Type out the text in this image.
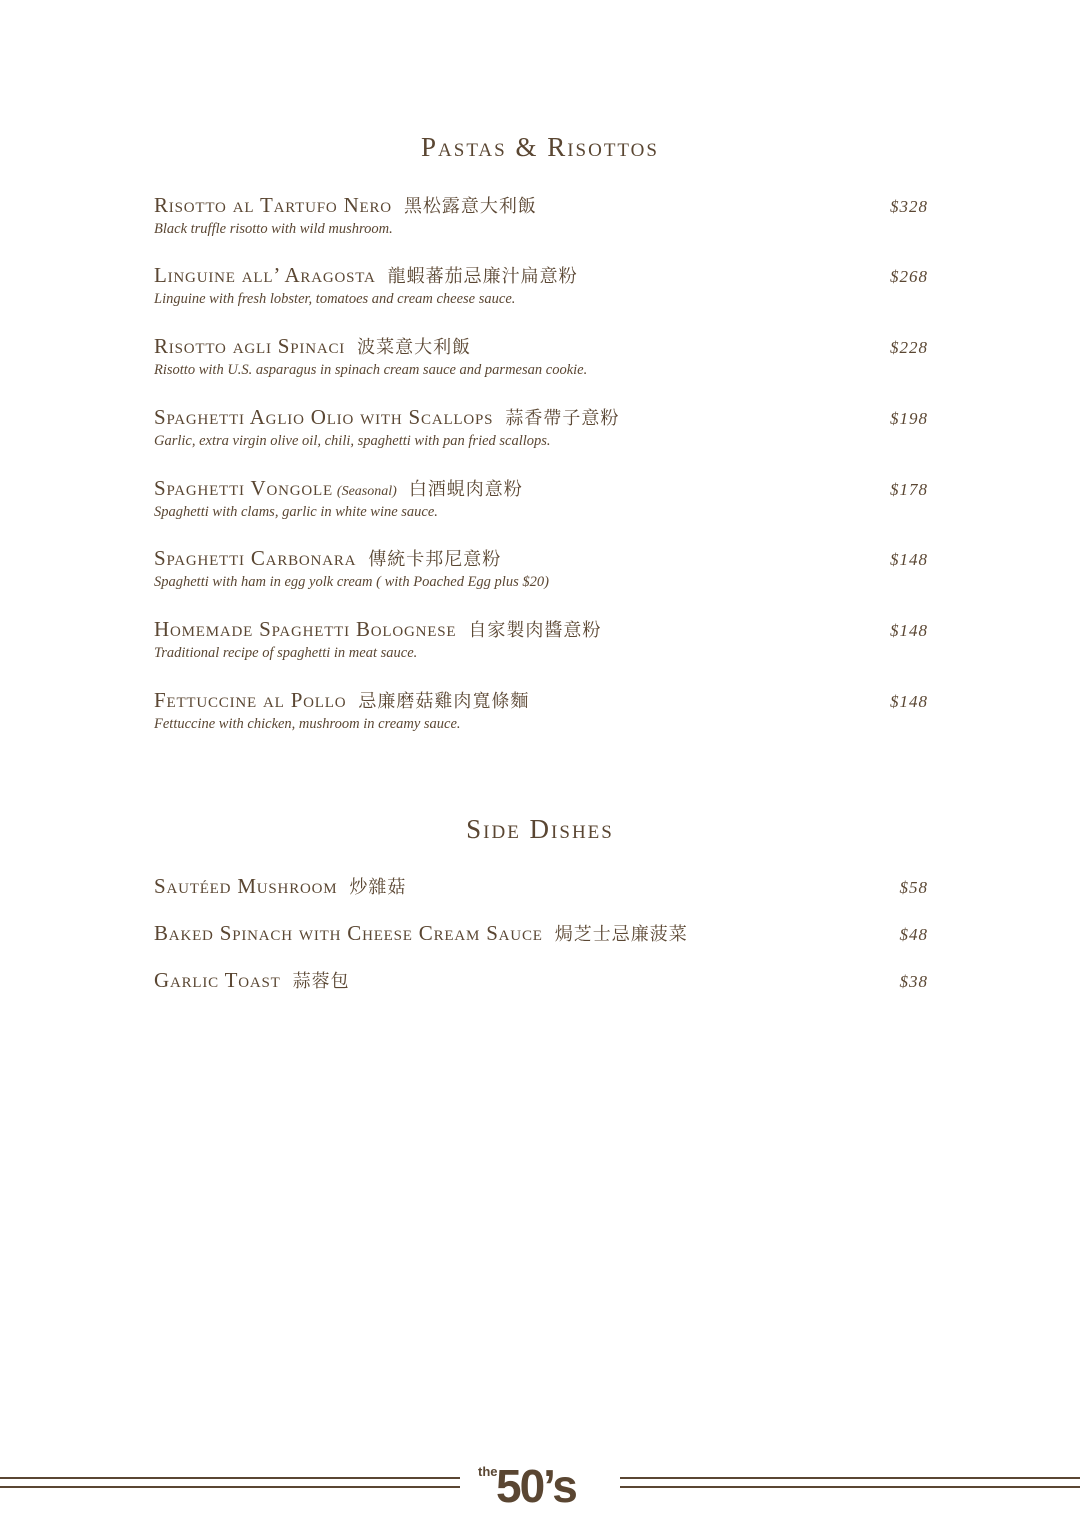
Pastas & Risottos
Risotto al Tartufo Nero 黑松露意大利飯	$328
Black truffle risotto with wild mushroom.
Linguine all’ Aragosta 龍蝦蕃茄忌廉汁扁意粉	$268
Linguine with fresh lobster, tomatoes and cream cheese sauce.
Risotto agli Spinaci 波菜意大利飯	$228
Risotto with U.S. asparagus in spinach cream sauce and parmesan cookie.
Spaghetti Aglio Olio with Scallops 蒜香帶子意粉	$198
Garlic, extra virgin olive oil, chili, spaghetti with pan fried scallops.
Spaghetti Vongole (Seasonal) 白酒蜆肉意粉	$178
Spaghetti with clams, garlic in white wine sauce.
Spaghetti Carbonara 傳統卡邦尼意粉	$148
Spaghetti with ham in egg yolk cream ( with Poached Egg plus $20)
Homemade Spaghetti Bolognese 自家製肉醬意粉	$148
Traditional recipe of spaghetti in meat sauce.
Fettuccine al Pollo 忌廉磨菇雞肉寬條麵	$148
Fettuccine with chicken, mushroom in creamy sauce.
Side Dishes
Sautéed Mushroom 炒雜菇	$58
Baked Spinach with Cheese Cream Sauce 焗芝士忌廉菠菜	$48
Garlic Toast 蒜蓉包	$38
the
50’s
